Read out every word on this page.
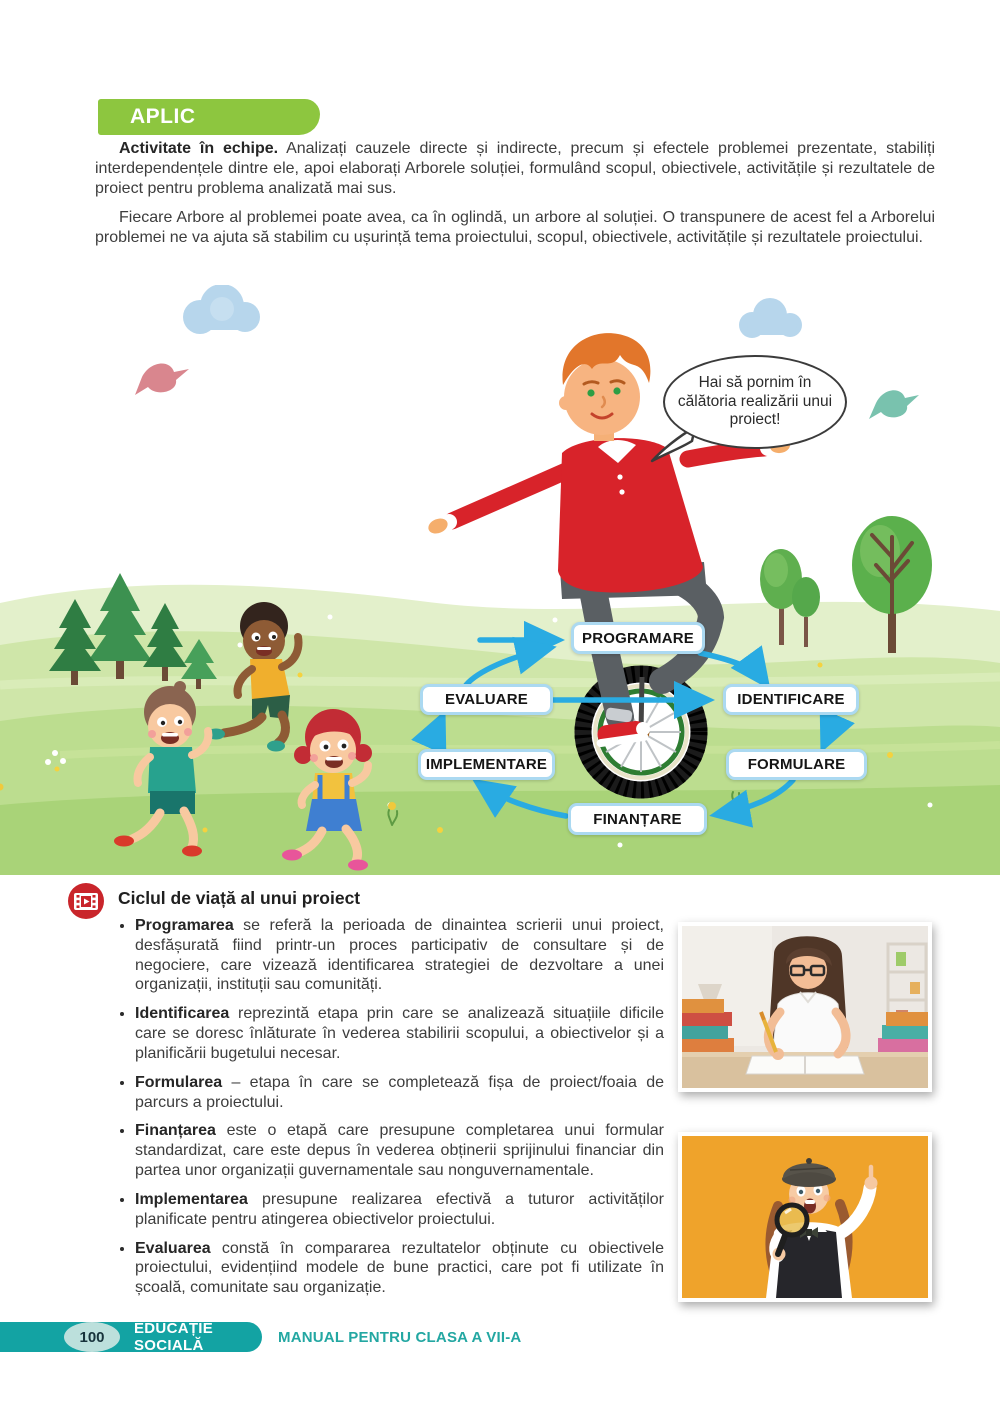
APLIC

Activitate în echipe. Analizați cauzele directe și indirecte, precum și efectele problemei prezentate, stabiliți interdependențele dintre ele, apoi elaborați Arborele soluției, formulând scopul, obiectivele, activitățile și rezultatele de proiect pentru problema analizată mai sus.

Fiecare Arbore al problemei poate avea, ca în oglindă, un arbore al soluției. O transpunere de acest fel a Arborelui problemei ne va ajuta să stabilim cu ușurință tema proiectului, scopul, obiectivele, activitățile și rezultatele proiectului.

PROGRAMARE
IDENTIFICARE
FORMULARE
FINANȚARE
IMPLEMENTARE
EVALUARE
Hai să pornim în călătoria realizării unui proiect!
Ciclul de viață al unui proiect
• Programarea se referă la perioada de dinaintea scrierii unui proiect, desfășurată fiind printr-un proces participativ de consultare și de negociere, care vizează identificarea strategiei de dezvoltare a unei organizații, instituții sau comunități.
• Identificarea reprezintă etapa prin care se analizează situațiile dificile care se doresc înlăturate în vederea stabilirii scopului, a obiectivelor și a planificării bugetului necesar.
• Formularea – etapa în care se completează fișa de proiect/foaia de parcurs a proiectului.
• Finanțarea este o etapă care presupune completarea unui formular standardizat, care este depus în vederea obținerii sprijinului financiar din partea unor organizații guvernamentale sau nonguvernamentale.
• Implementarea presupune realizarea efectivă a tuturor activităților planificate pentru atingerea obiectivelor proiectului.
• Evaluarea constă în compararea rezultatelor obținute cu obiectivele proiectului, evidențiind modele de bune practici, care pot fi utilizate în școală, comunitate sau organizație.
100	EDUCAȚIE SOCIALĂ	MANUAL PENTRU CLASA A VII-A
